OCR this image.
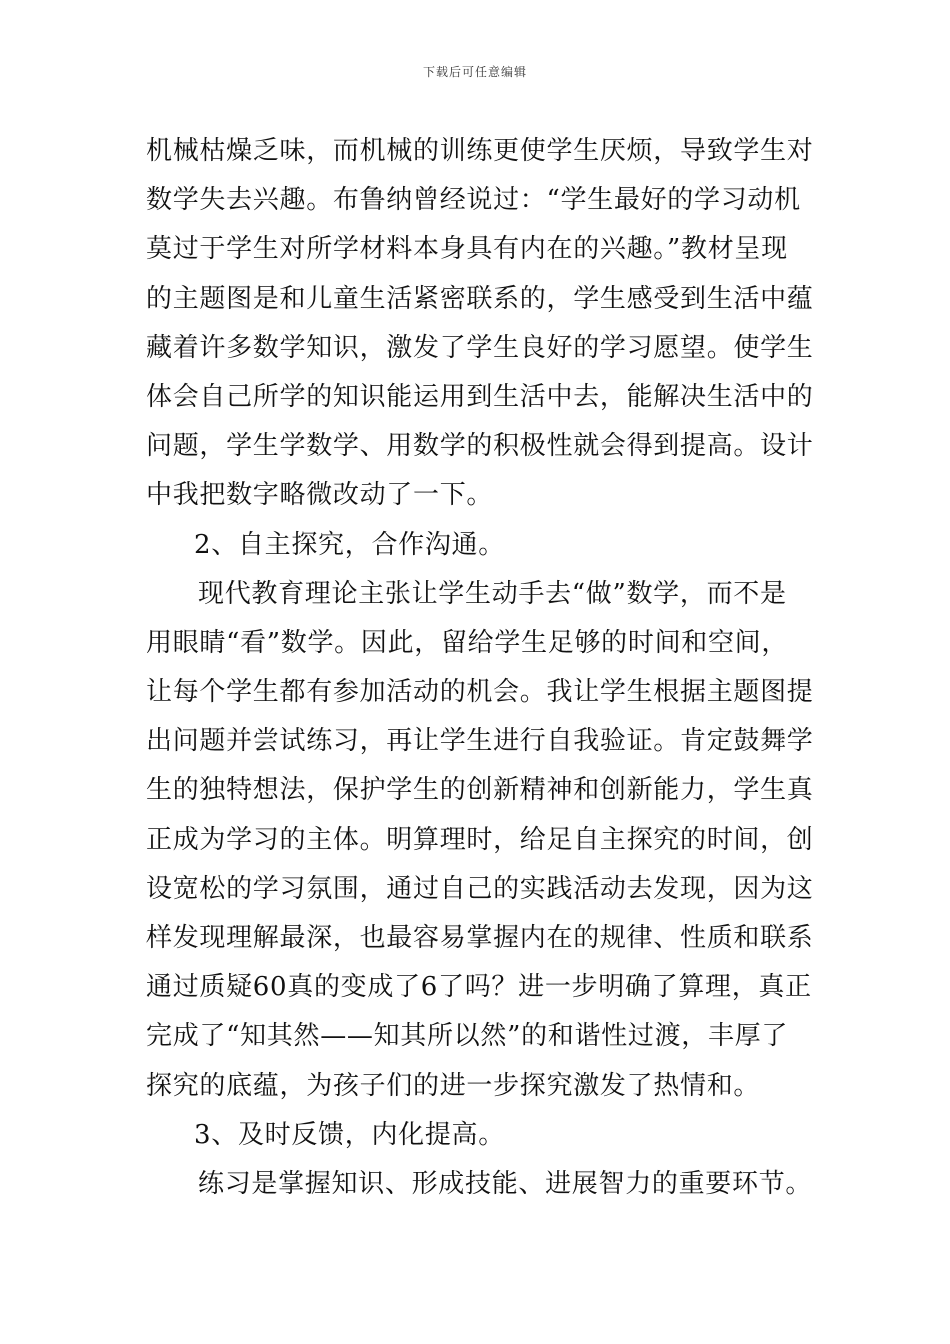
下载后可任意编辑
机械枯燥乏味，而机械的训练更使学生厌烦，导致学生对
数学失去兴趣。布鲁纳曾经说过：“学生最好的学习动机
莫过于学生对所学材料本身具有内在的兴趣。”教材呈现
的主题图是和儿童生活紧密联系的，学生感受到生活中蕴
藏着许多数学知识，激发了学生良好的学习愿望。使学生
体会自己所学的知识能运用到生活中去，能解决生活中的
问题，学生学数学、用数学的积极性就会得到提高。设计
中我把数字略微改动了一下。
2、自主探究，合作沟通。
现代教育理论主张让学生动手去“做”数学，而不是
用眼睛“看”数学。因此，留给学生足够的时间和空间，
让每个学生都有参加活动的机会。我让学生根据主题图提
出问题并尝试练习，再让学生进行自我验证。肯定鼓舞学
生的独特想法，保护学生的创新精神和创新能力，学生真
正成为学习的主体。明算理时，给足自主探究的时间，创
设宽松的学习氛围，通过自己的实践活动去发现，因为这
样发现理解最深，也最容易掌握内在的规律、性质和联系
通过质疑60真的变成了6了吗？进一步明确了算理，真正
完成了“知其然——知其所以然”的和谐性过渡，丰厚了
探究的底蕴，为孩子们的进一步探究激发了热情和。
3、及时反馈，内化提高。
练习是掌握知识、形成技能、进展智力的重要环节。
